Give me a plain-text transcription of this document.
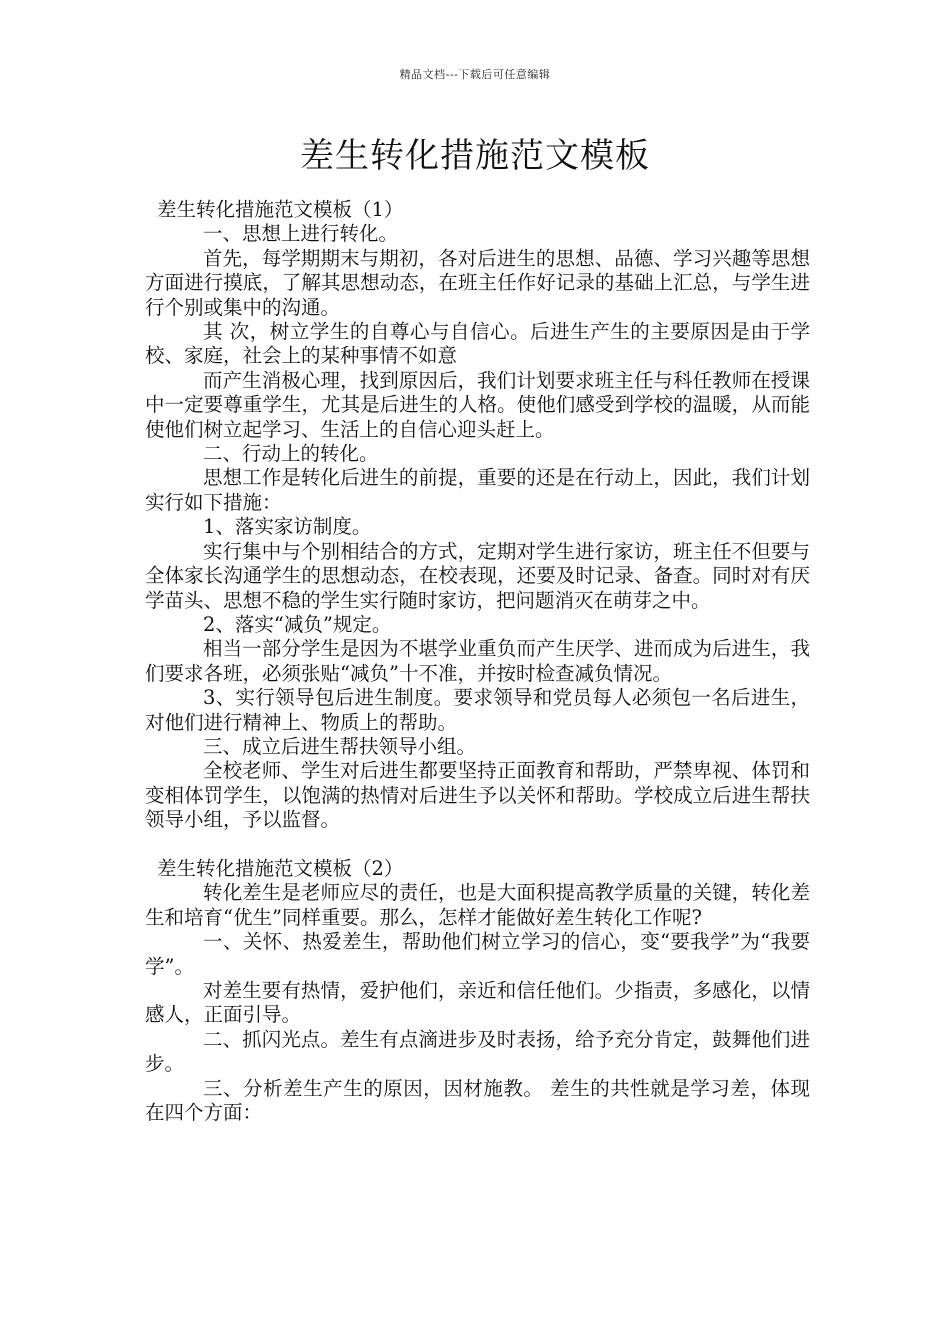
精品文档---下载后可任意编辑
差生转化措施范文模板

差生转化措施范文模板（1）

一、思想上进行转化。

首先，每学期期末与期初，各对后进生的思想、品德、学习兴趣等思想方面进行摸底，了解其思想动态，在班主任作好记录的基础上汇总，与学生进行个别或集中的沟通。

其 次，树立学生的自尊心与自信心。后进生产生的主要原因是由于学校、家庭，社会上的某种事情不如意

而产生消极心理，找到原因后，我们计划要求班主任与科任教师在授课中一定要尊重学生，尤其是后进生的人格。使他们感受到学校的温暖，从而能使他们树立起学习、生活上的自信心迎头赶上。

二、行动上的转化。

思想工作是转化后进生的前提，重要的还是在行动上，因此，我们计划实行如下措施：

1、落实家访制度。

实行集中与个别相结合的方式，定期对学生进行家访，班主任不但要与全体家长沟通学生的思想动态，在校表现，还要及时记录、备查。同时对有厌学苗头、思想不稳的学生实行随时家访，把问题消灭在萌芽之中。

2、落实“减负”规定。

相当一部分学生是因为不堪学业重负而产生厌学、进而成为后进生，我们要求各班，必须张贴“减负”十不准，并按时检查减负情况。

3、实行领导包后进生制度。要求领导和党员每人必须包一名后进生，对他们进行精神上、物质上的帮助。

三、成立后进生帮扶领导小组。

全校老师、学生对后进生都要坚持正面教育和帮助，严禁卑视、体罚和变相体罚学生，以饱满的热情对后进生予以关怀和帮助。学校成立后进生帮扶领导小组，予以监督。

差生转化措施范文模板（2）

转化差生是老师应尽的责任，也是大面积提高教学质量的关键，转化差生和培育“优生”同样重要。那么，怎样才能做好差生转化工作呢?

一、关怀、热爱差生，帮助他们树立学习的信心，变“要我学”为“我要学”。

对差生要有热情，爱护他们，亲近和信任他们。少指责，多感化，以情感人，正面引导。

二、抓闪光点。差生有点滴进步及时表扬，给予充分肯定，鼓舞他们进步。

三、分析差生产生的原因，因材施教。 差生的共性就是学习差，体现在四个方面：
